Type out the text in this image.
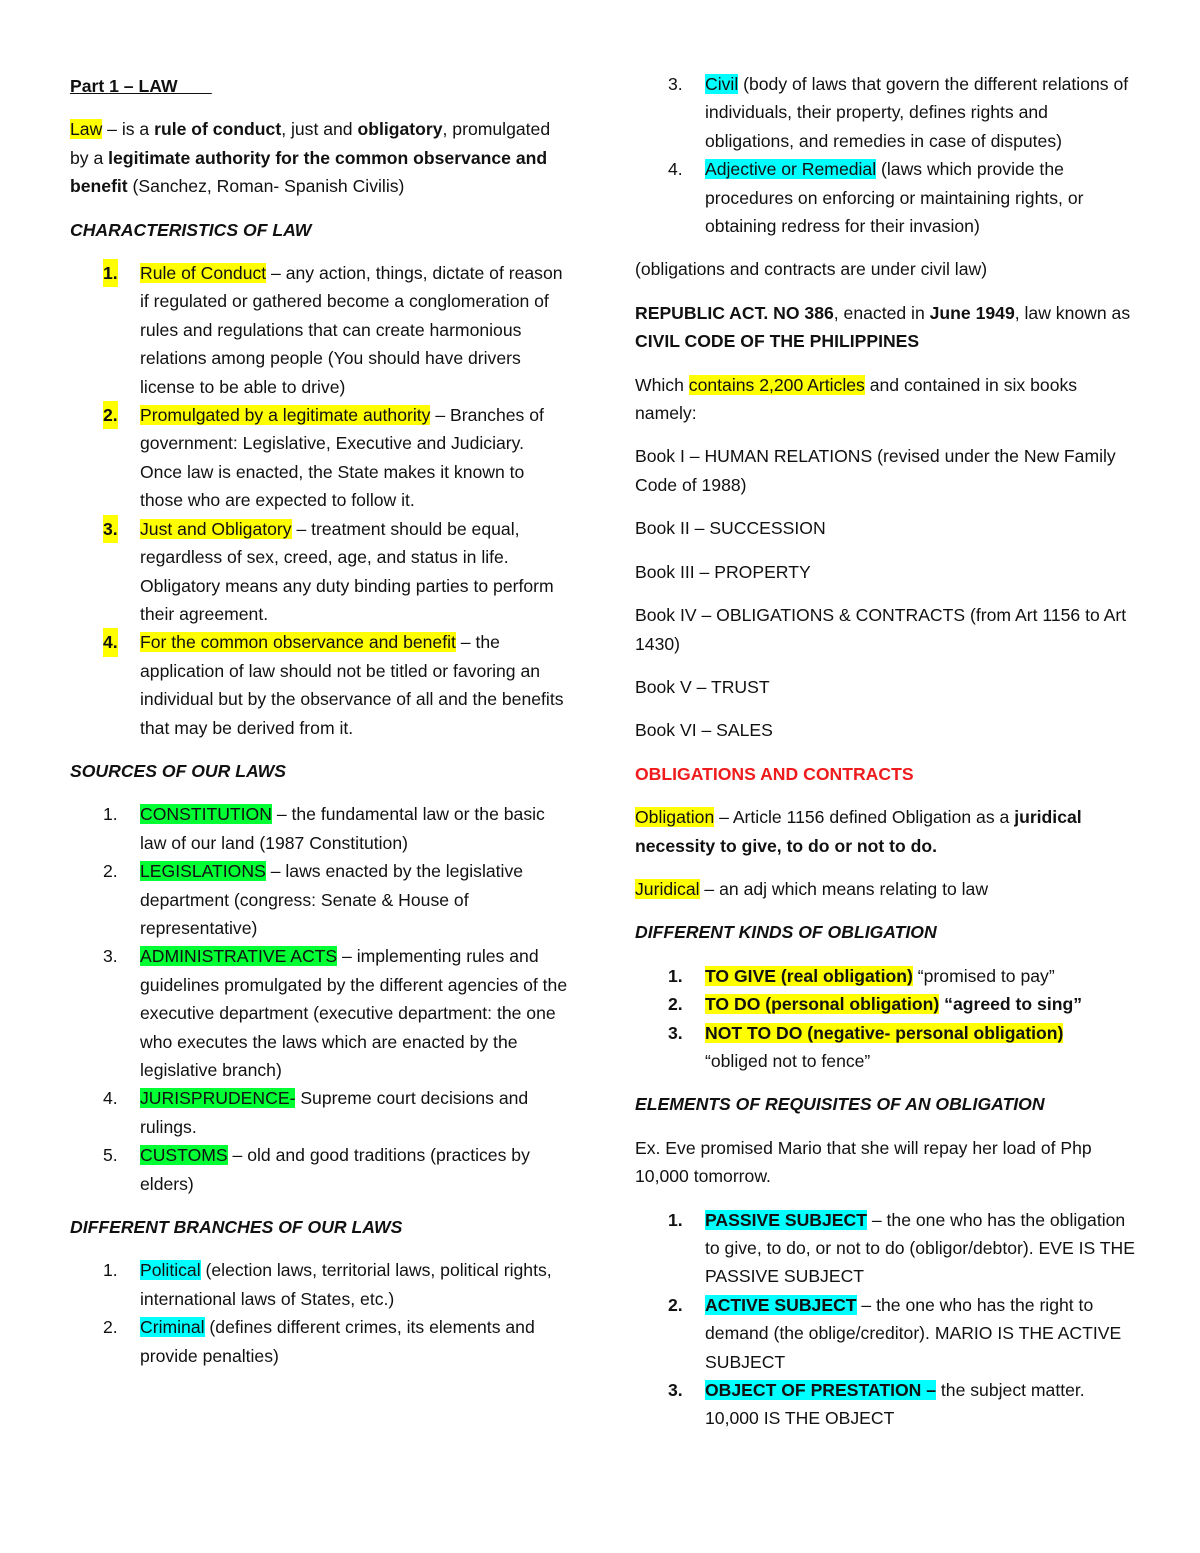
Part 1 – LAW

Law – is a rule of conduct, just and obligatory, promulgated by a legitimate authority for the common observance and benefit (Sanchez, Roman- Spanish Civilis)

CHARACTERISTICS OF LAW

1. Rule of Conduct – any action, things, dictate of reason if regulated or gathered become a conglomeration of rules and regulations that can create harmonious relations among people (You should have drivers license to be able to drive)
2. Promulgated by a legitimate authority – Branches of government: Legislative, Executive and Judiciary. Once law is enacted, the State makes it known to those who are expected to follow it.
3. Just and Obligatory – treatment should be equal, regardless of sex, creed, age, and status in life. Obligatory means any duty binding parties to perform their agreement.
4. For the common observance and benefit – the application of law should not be titled or favoring an individual but by the observance of all and the benefits that may be derived from it.

SOURCES OF OUR LAWS

1. CONSTITUTION – the fundamental law or the basic law of our land (1987 Constitution)
2. LEGISLATIONS – laws enacted by the legislative department (congress: Senate & House of representative)
3. ADMINISTRATIVE ACTS – implementing rules and guidelines promulgated by the different agencies of the executive department (executive department: the one who executes the laws which are enacted by the legislative branch)
4. JURISPRUDENCE- Supreme court decisions and rulings.
5. CUSTOMS – old and good traditions (practices by elders)

DIFFERENT BRANCHES OF OUR LAWS

1. Political (election laws, territorial laws, political rights, international laws of States, etc.)
2. Criminal (defines different crimes, its elements and provide penalties)
3. Civil (body of laws that govern the different relations of individuals, their property, defines rights and obligations, and remedies in case of disputes)
4. Adjective or Remedial (laws which provide the procedures on enforcing or maintaining rights, or obtaining redress for their invasion)

(obligations and contracts are under civil law)

REPUBLIC ACT. NO 386, enacted in June 1949, law known as CIVIL CODE OF THE PHILIPPINES

Which contains 2,200 Articles and contained in six books namely:

Book I – HUMAN RELATIONS (revised under the New Family Code of 1988)

Book II – SUCCESSION

Book III – PROPERTY

Book IV – OBLIGATIONS & CONTRACTS (from Art 1156 to Art 1430)

Book V – TRUST

Book VI – SALES

OBLIGATIONS AND CONTRACTS

Obligation – Article 1156 defined Obligation as a juridical necessity to give, to do or not to do.

Juridical – an adj which means relating to law

DIFFERENT KINDS OF OBLIGATION

1. TO GIVE (real obligation) “promised to pay”
2. TO DO (personal obligation) “agreed to sing”
3. NOT TO DO (negative- personal obligation)
“obliged not to fence”

ELEMENTS OF REQUISITES OF AN OBLIGATION

Ex. Eve promised Mario that she will repay her load of Php 10,000 tomorrow.

1. PASSIVE SUBJECT – the one who has the obligation to give, to do, or not to do (obligor/debtor). EVE IS THE PASSIVE SUBJECT
2. ACTIVE SUBJECT – the one who has the right to demand (the oblige/creditor). MARIO IS THE ACTIVE SUBJECT
3. OBJECT OF PRESTATION – the subject matter. 10,000 IS THE OBJECT
